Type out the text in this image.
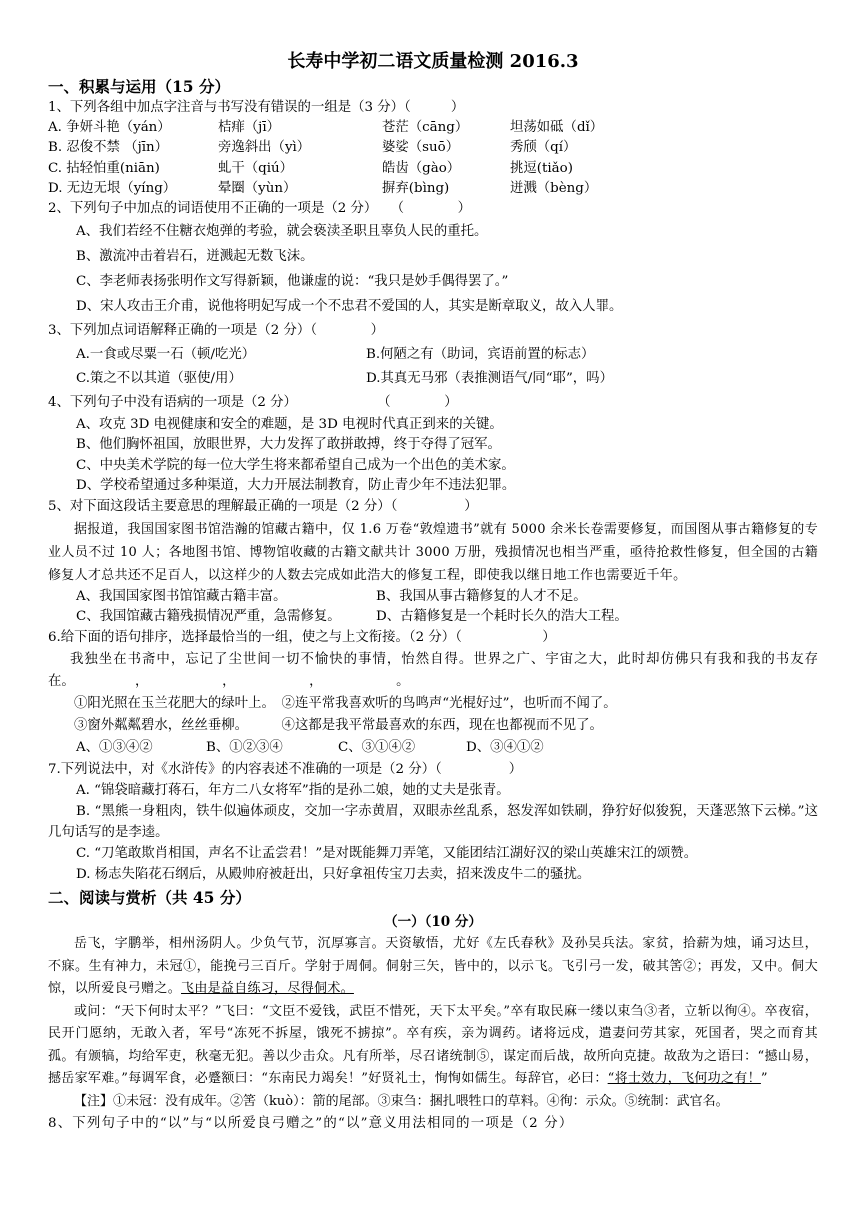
长寿中学初二语文质量检测 2016.3

一、积累与运用（15 分）

1、下列各组中加点字注音与书写没有错误的一组是（3 分）（　　　）

A. 争妍斗艳（yán）	桔痱（jī）	苍茫（cāng）	坦荡如砥（dǐ）
B. 忍俊不禁 （jīn）	旁逸斜出（yì）	婆娑（suō）	秀颀（qí）
C. 拈轻怕重(niān)	虬干（qiú）	皓齿（gào）	挑逗(tiǎo)
D. 无边无垠（yíng）	晕圈（yùn）	摒弃(bìng)	迸溅（bèng）

2、下列句子中加点的词语使用不正确的一项是（2 分）　　（　　　　）

A、我们若经不住糖衣炮弹的考验，就会亵渎圣职且辜负人民的重托。

B、激流冲击着岩石，迸溅起无数飞沫。

C、李老师表扬张明作文写得新颖，他谦虚的说：“我只是妙手偶得罢了。”

D、宋人攻击王介甫，说他将明妃写成一个不忠君不爱国的人，其实是断章取义，故入人罪。

3、下列加点词语解释正确的一项是（2 分）（　　　　）

A.一食或尽粟一石（顿/吃光）	B.何陋之有（助词，宾语前置的标志）
C.策之不以其道（驱使/用）	D.其真无马邪（表推测语气/同“耶”，吗）

4、下列句子中没有语病的一项是（2 分）　　　　　　　（　　　　）

A、攻克 3D 电视健康和安全的难题，是 3D 电视时代真正到来的关键。

B、他们胸怀祖国，放眼世界，大力发挥了敢拼敢搏，终于夺得了冠军。

C、中央美术学院的每一位大学生将来都希望自己成为一个出色的美术家。

D、学校希望通过多种渠道，大力开展法制教育，防止青少年不违法犯罪。

5、对下面这段话主要意思的理解最正确的一项是（2 分）（　　　　　）

据报道，我国国家图书馆浩瀚的馆藏古籍中，仅 1.6 万卷“敦煌遗书”就有 5000 余米长卷需要修复，而国图从事古籍修复的专业人员不过 10 人；各地图书馆、博物馆收藏的古籍文献共计 3000 万册，残损情况也相当严重，亟待抢救性修复，但全国的古籍修复人才总共还不足百人，以这样少的人数去完成如此浩大的修复工程，即使我以继日地工作也需要近千年。

A、我国国家图书馆馆藏古籍丰富。	B、我国从事古籍修复的人才不足。
C、我国馆藏古籍残损情况严重，急需修复。	D、古籍修复是一个耗时长久的浩大工程。

6.给下面的语句排序，选择最恰当的一组，使之与上文衔接。（2 分）（　　　　　　）

我独坐在书斋中，忘记了尘世间一切不愉快的事情，怡然自得。世界之广、宇宙之大，此时却仿佛只有我和我的书友存在。　　　　　，　　　　　　，　　　　　　，　　　　　　。

①阳光照在玉兰花肥大的绿叶上。　②连平常我喜欢听的鸟鸣声“光棍好过”，也听而不闻了。

③窗外粼粼碧水，丝丝垂柳。　　　④这都是我平常最喜欢的东西，现在也都视而不见了。

A、①③④②	B、①②③④	C、③①④②	D、③④①②

7.下列说法中，对《水浒传》的内容表述不准确的一项是（2 分）（　　　　　）

A. “锦袋暗藏打蒋石，年方二八女将军”指的是孙二娘，她的丈夫是张青。

B. “黑熊一身粗肉，铁牛似遍体顽皮，交加一字赤黄眉，双眼赤丝乱系，怒发浑如铁刷，狰狞好似狻猊，天蓬恶煞下云梯。”这几句话写的是李逵。

C. “刀笔敢欺肖相国，声名不让孟尝君！”是对既能舞刀弄笔，又能团结江湖好汉的梁山英雄宋江的颂赞。

D. 杨志失陷花石纲后，从殿帅府被赶出，只好拿祖传宝刀去卖，招来泼皮牛二的骚扰。

二、阅读与赏析（共 45 分）

（一）（10 分）

岳飞，字鹏举，相州汤阴人。少负气节，沉厚寡言。天资敏悟，尤好《左氏春秋》及孙吴兵法。家贫，拾薪为烛，诵习达旦，不寐。生有神力，未冠①，能挽弓三百斤。学射于周侗。侗射三矢，皆中的，以示飞。飞引弓一发，破其筈②；再发，又中。侗大惊，以所爱良弓赠之。飞由是益自练习，尽得侗术。

或问：“天下何时太平？”飞曰：“文臣不爱钱，武臣不惜死，天下太平矣。”卒有取民麻一缕以束刍③者，立斩以徇④。卒夜宿，民开门愿纳，无敢入者，军号“冻死不拆屋，饿死不掳掠”。卒有疾，亲为调药。诸将远戍，遣妻问劳其家，死国者，哭之而育其孤。有颁犒，均给军吏，秋毫无犯。善以少击众。凡有所举，尽召诸统制⑤，谋定而后战，故所向克捷。故敌为之语曰：“撼山易，撼岳家军难。”每调军食，必蹙额曰：“东南民力竭矣！”好贤礼士，恂恂如儒生。每辞官，必曰：“将士效力，飞何功之有！”

【注】①未冠：没有成年。②筈（kuò）：箭的尾部。③束刍：捆扎喂牲口的草料。④徇：示众。⑤统制：武官名。

8、下列句子中的“以”与“以所爱良弓赠之”的“以”意义用法相同的一项是（2 分）
